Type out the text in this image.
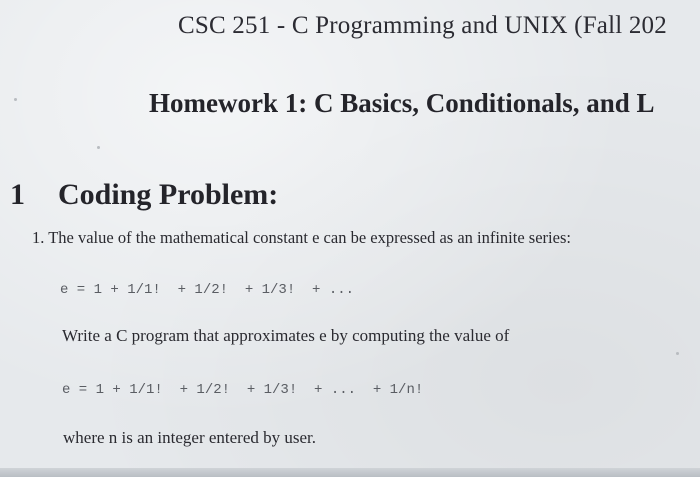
CSC 251 - C Programming and UNIX (Fall 202
Homework 1: C Basics, Conditionals, and L
1 Coding Problem:
1. The value of the mathematical constant e can be expressed as an infinite series:
e = 1 + 1/1!  + 1/2!  + 1/3!  + ...
Write a C program that approximates e by computing the value of
e = 1 + 1/1!  + 1/2!  + 1/3!  + ...  + 1/n!
where n is an integer entered by user.
